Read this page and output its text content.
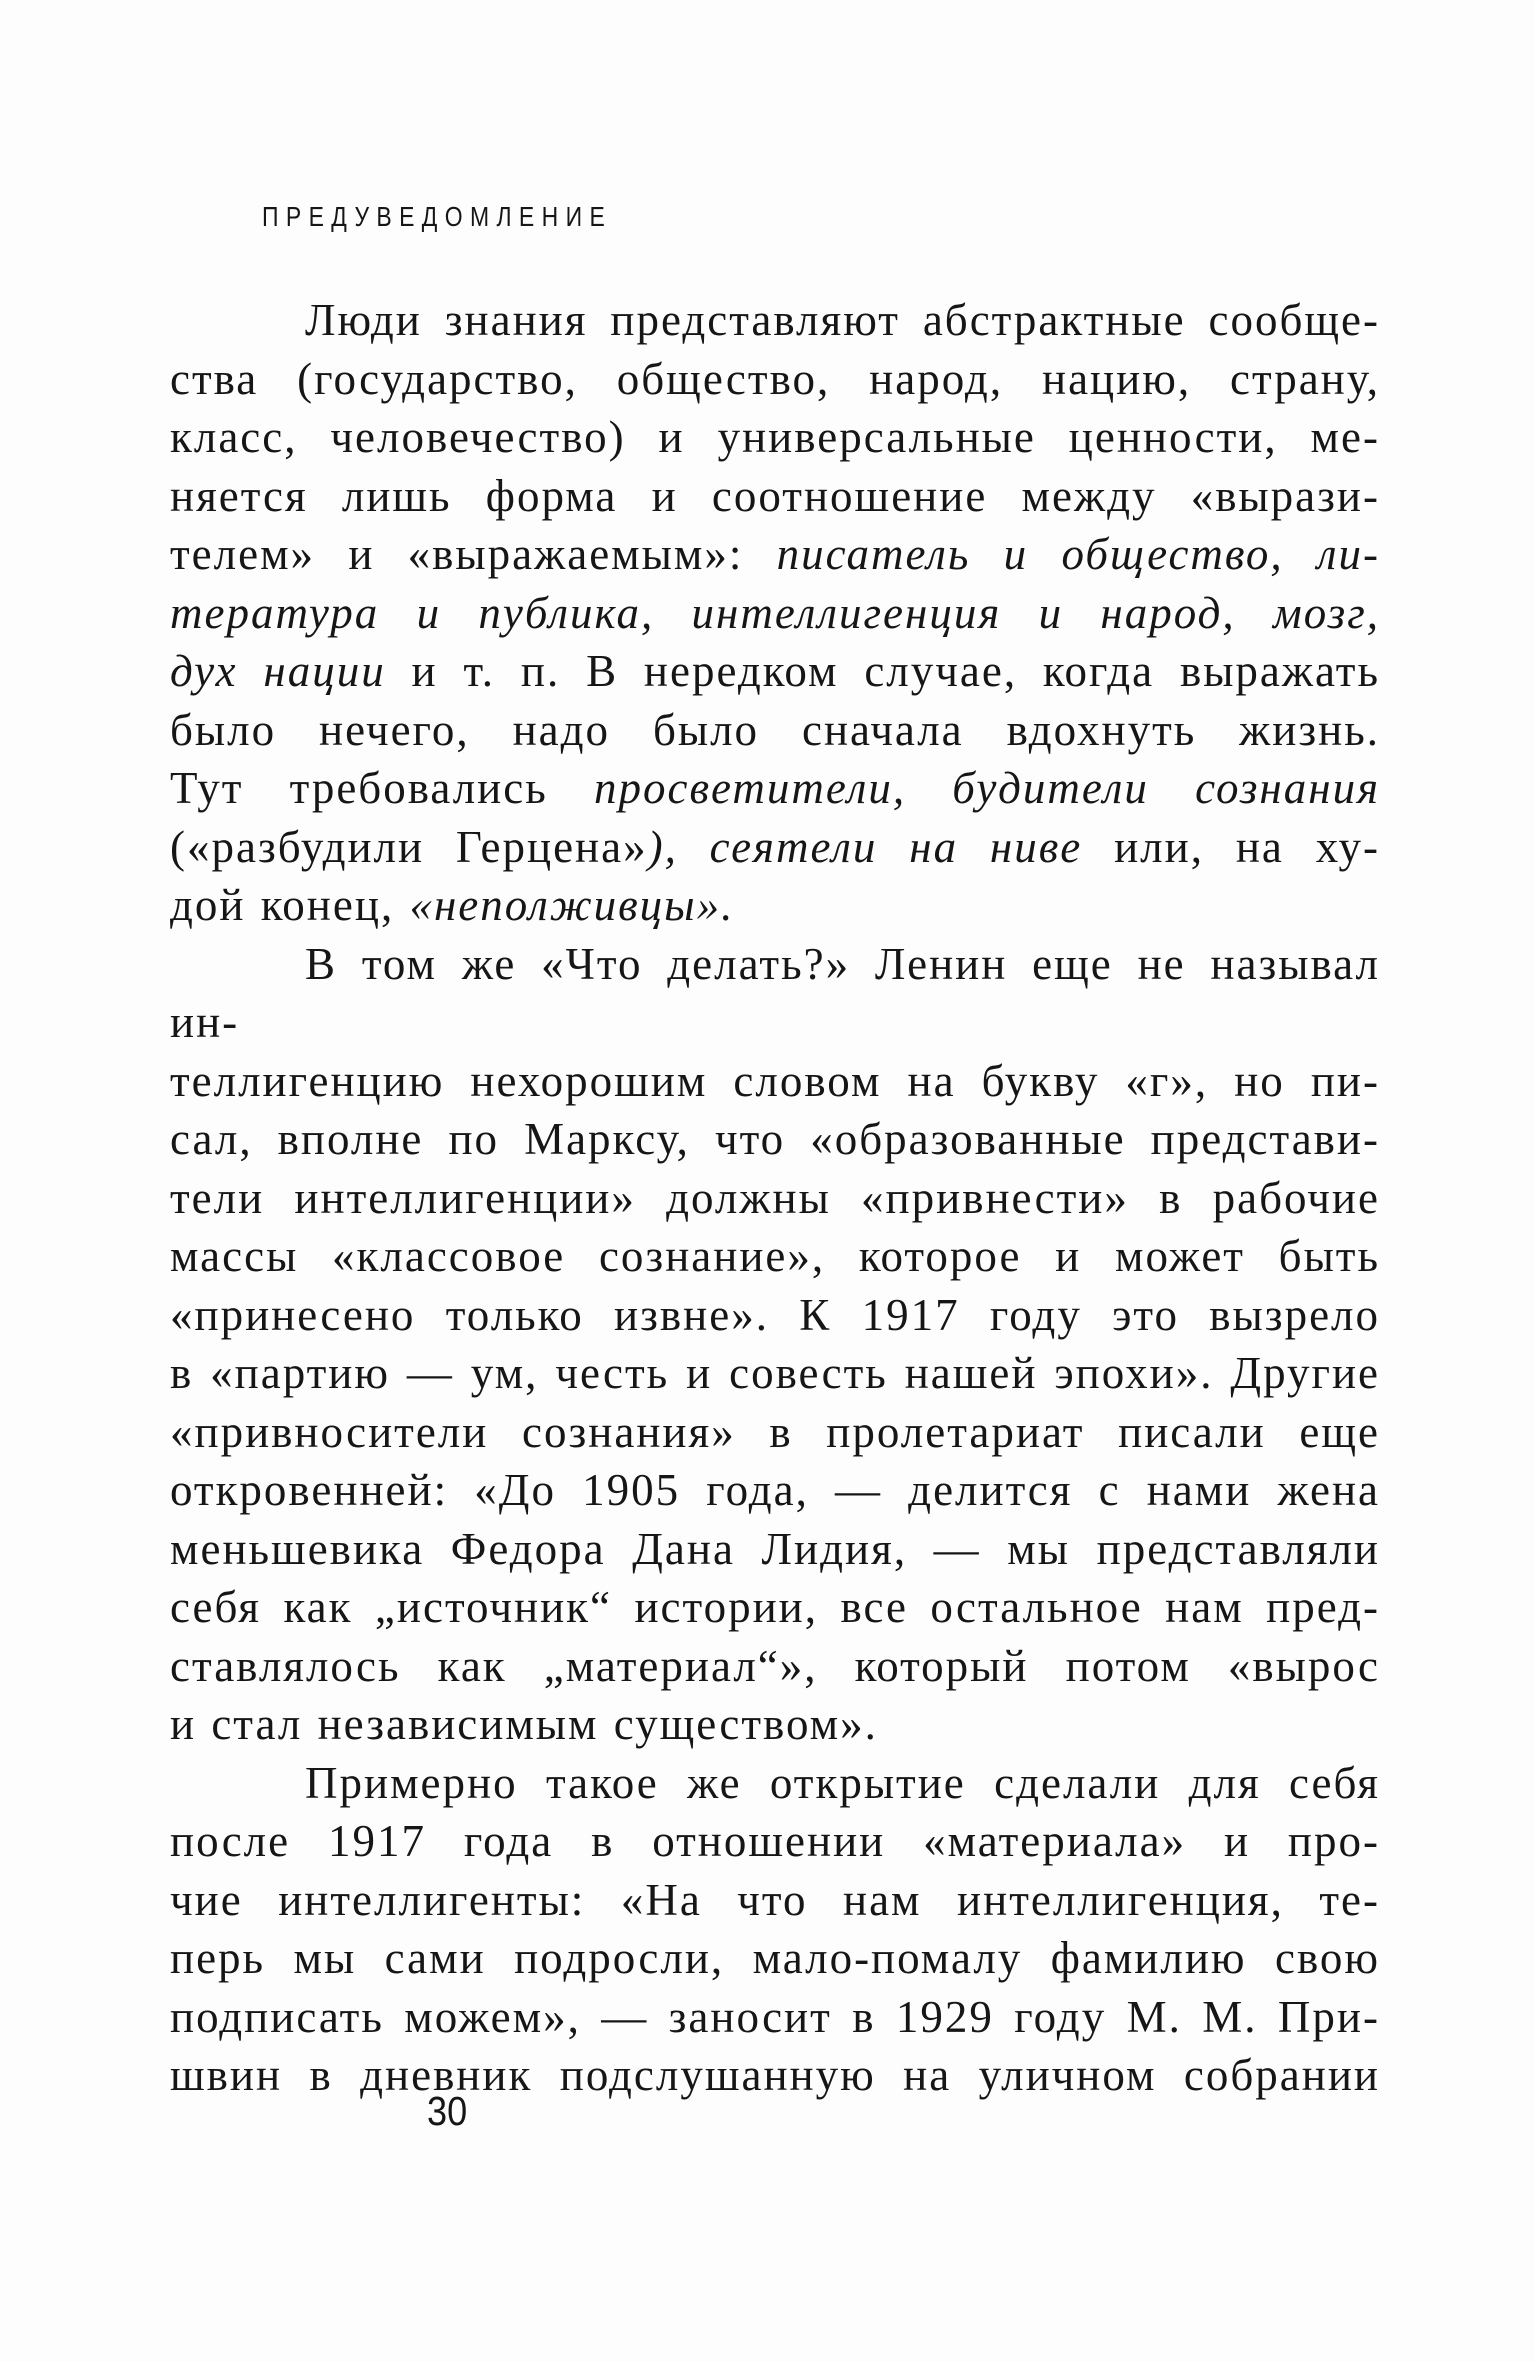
ПРЕДУВЕДОМЛЕНИЕ
Люди знания представляют абстрактные сообще-
ства (государство, общество, народ, нацию, страну,
класс, человечество) и универсальные ценности, ме-
няется лишь форма и соотношение между «вырази-
телем» и «выражаемым»: писатель и общество, ли-
тература и публика, интеллигенция и народ, мозг,
дух нации и т. п. В нередком случае, когда выражать
было нечего, надо было сначала вдохнуть жизнь.
Тут требовались просветители, будители сознания
(«разбудили Герцена»), сеятели на ниве или, на ху-
дой конец, «неполживцы».
В том же «Что делать?» Ленин еще не называл ин-
теллигенцию нехорошим словом на букву «г», но пи-
сал, вполне по Марксу, что «образованные представи-
тели интеллигенции» должны «привнести» в рабочие
массы «классовое сознание», которое и может быть
«принесено только извне». К 1917 году это вызрело
в «партию — ум, честь и совесть нашей эпохи». Другие
«привносители сознания» в пролетариат писали еще
откровенней: «До 1905 года, — делится с нами жена
меньшевика Федора Дана Лидия, — мы представляли
себя как „источник“ истории, все остальное нам пред-
ставлялось как „материал“», который потом «вырос
и стал независимым существом».
Примерно такое же открытие сделали для себя
после 1917 года в отношении «материала» и про-
чие интеллигенты: «На что нам интеллигенция, те-
перь мы сами подросли, мало-помалу фамилию свою
подписать можем», — заносит в 1929 году М. М. При-
швин в дневник подслушанную на уличном собрании
30
